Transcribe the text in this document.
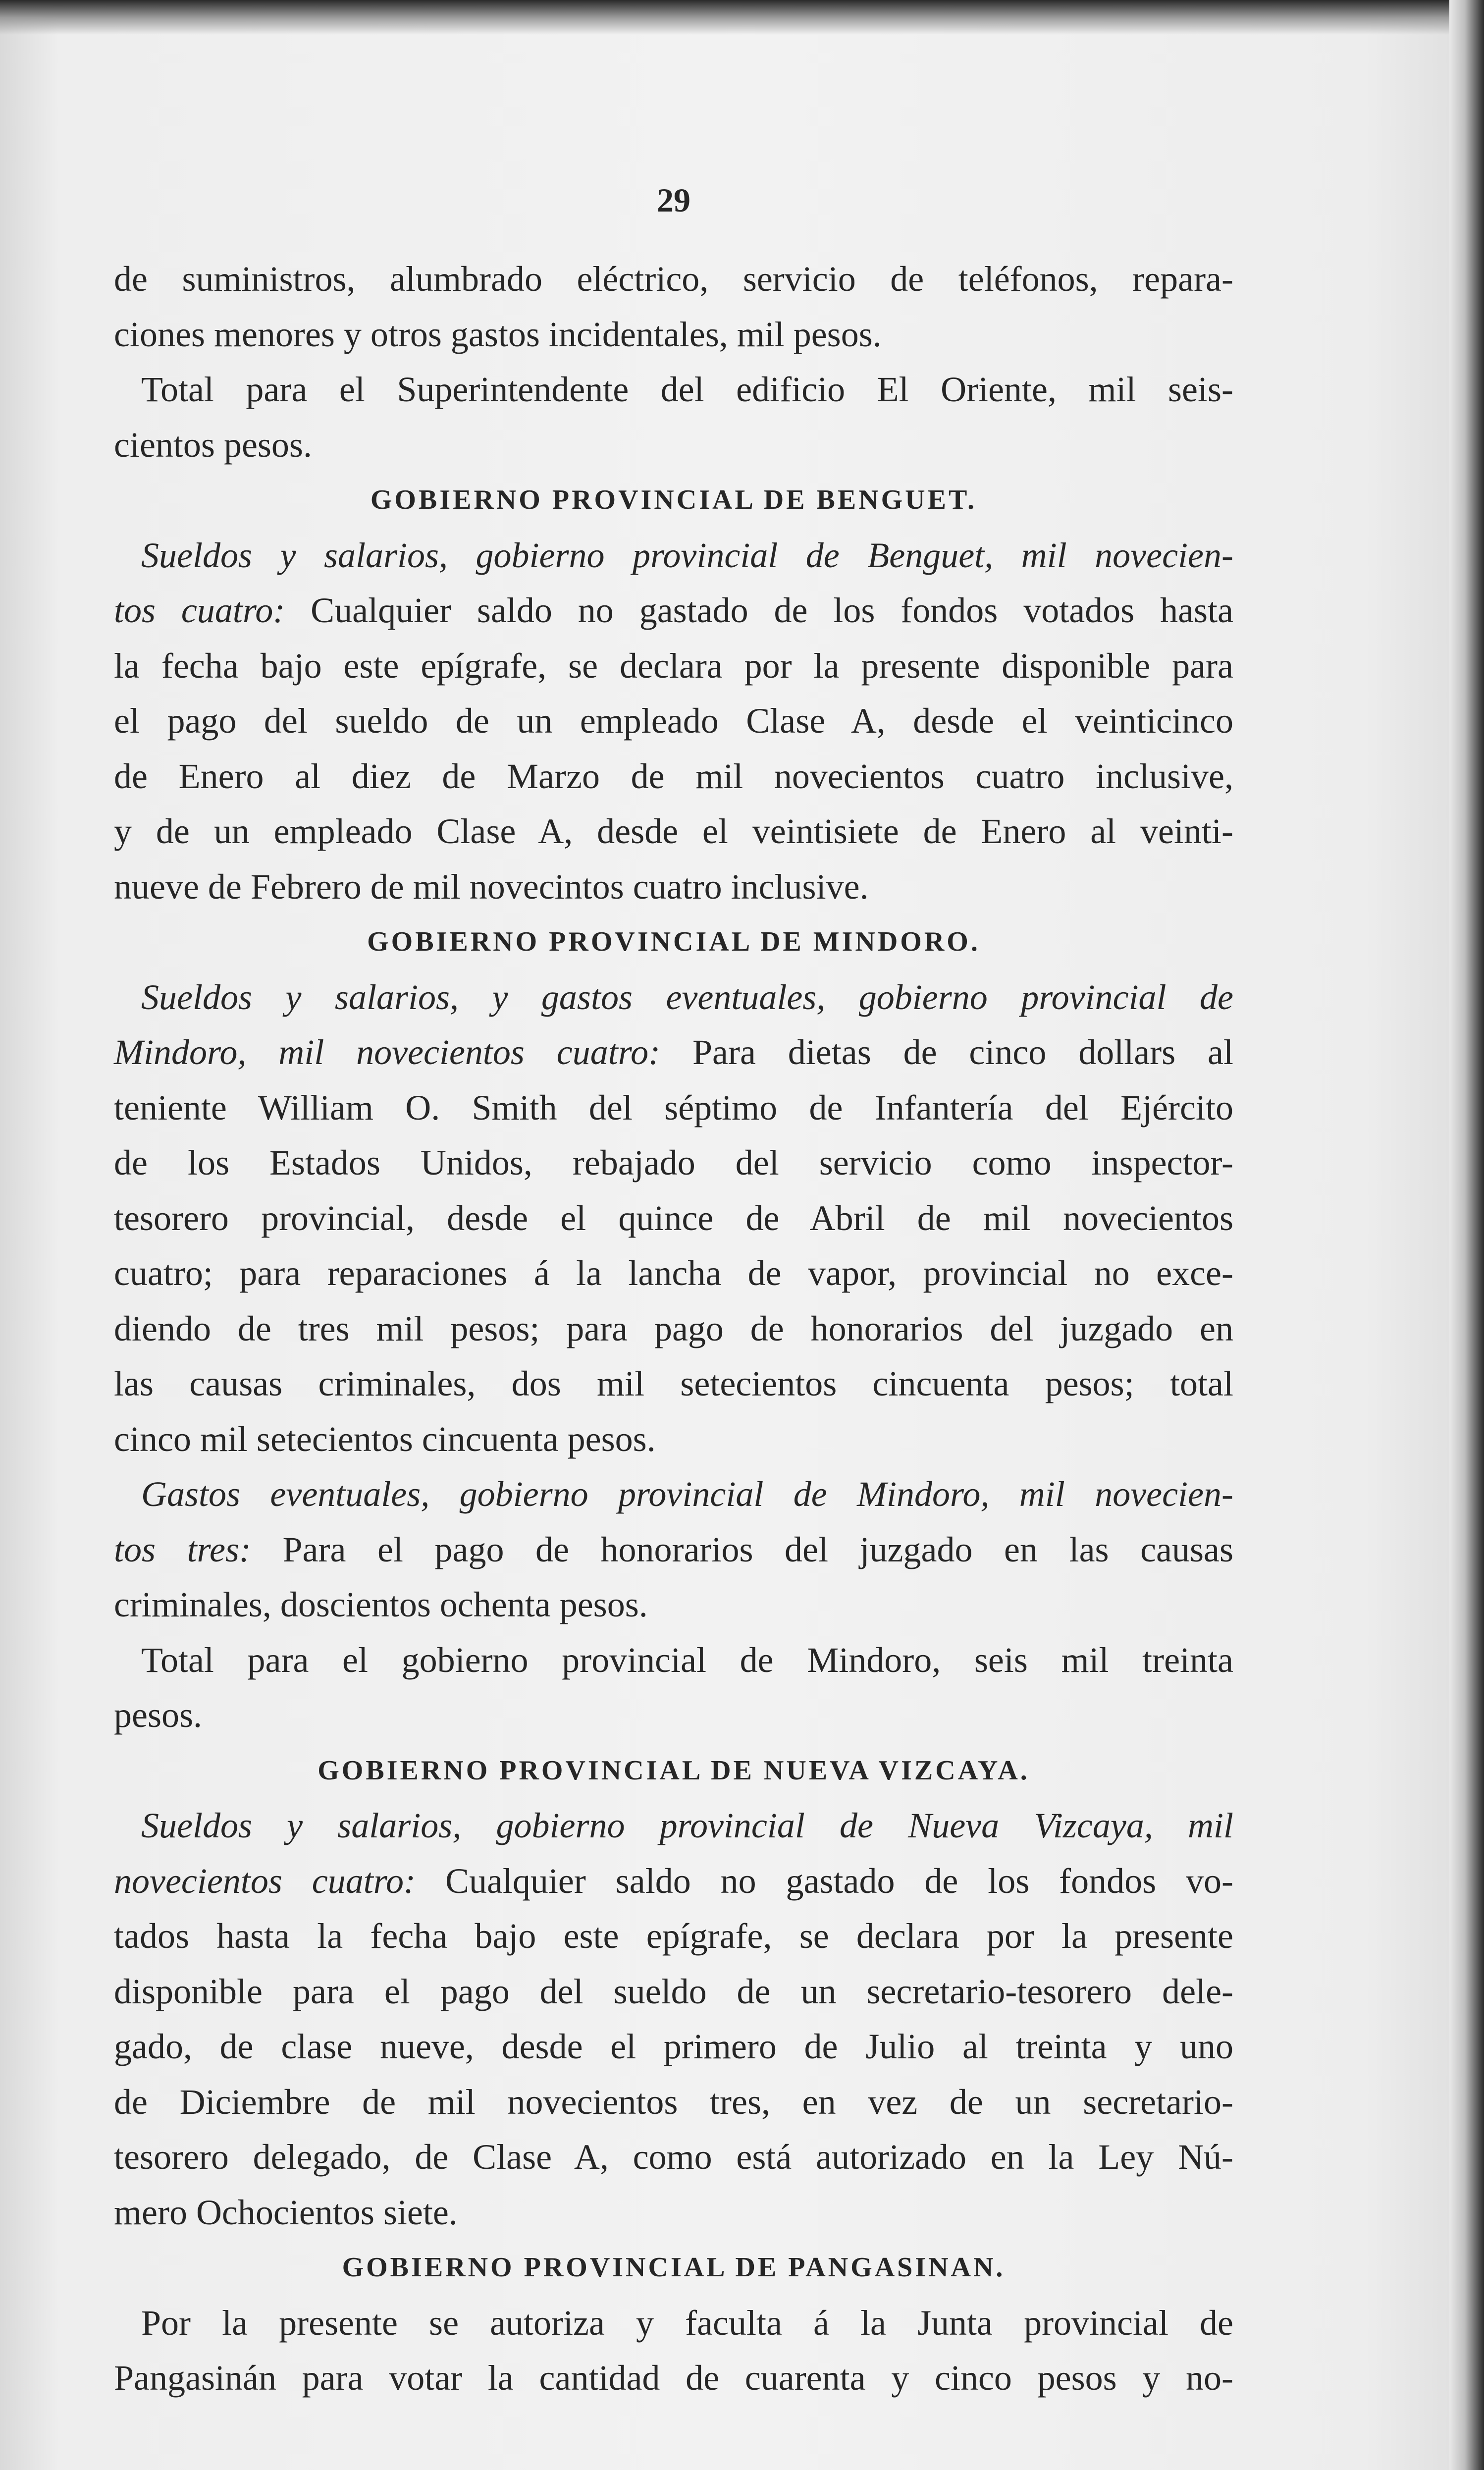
29
de suministros, alumbrado eléctrico, servicio de teléfonos, repara-
ciones menores y otros gastos incidentales, mil pesos.
Total para el Superintendente del edificio El Oriente, mil seis-
cientos pesos.
GOBIERNO PROVINCIAL DE BENGUET.
Sueldos y salarios, gobierno provincial de Benguet, mil novecien-
tos cuatro: Cualquier saldo no gastado de los fondos votados hasta
la fecha bajo este epígrafe, se declara por la presente disponible para
el pago del sueldo de un empleado Clase A, desde el veinticinco
de Enero al diez de Marzo de mil novecientos cuatro inclusive,
y de un empleado Clase A, desde el veintisiete de Enero al veinti-
nueve de Febrero de mil novecintos cuatro inclusive.
GOBIERNO PROVINCIAL DE MINDORO.
Sueldos y salarios, y gastos eventuales, gobierno provincial de
Mindoro, mil novecientos cuatro: Para dietas de cinco dollars al
teniente William O. Smith del séptimo de Infantería del Ejército
de los Estados Unidos, rebajado del servicio como inspector-
tesorero provincial, desde el quince de Abril de mil novecientos
cuatro; para reparaciones á la lancha de vapor, provincial no exce-
diendo de tres mil pesos; para pago de honorarios del juzgado en
las causas criminales, dos mil setecientos cincuenta pesos; total
cinco mil setecientos cincuenta pesos.
Gastos eventuales, gobierno provincial de Mindoro, mil novecien-
tos tres: Para el pago de honorarios del juzgado en las causas
criminales, doscientos ochenta pesos.
Total para el gobierno provincial de Mindoro, seis mil treinta
pesos.
GOBIERNO PROVINCIAL DE NUEVA VIZCAYA.
Sueldos y salarios, gobierno provincial de Nueva Vizcaya, mil
novecientos cuatro: Cualquier saldo no gastado de los fondos vo-
tados hasta la fecha bajo este epígrafe, se declara por la presente
disponible para el pago del sueldo de un secretario-tesorero dele-
gado, de clase nueve, desde el primero de Julio al treinta y uno
de Diciembre de mil novecientos tres, en vez de un secretario-
tesorero delegado, de Clase A, como está autorizado en la Ley Nú-
mero Ochocientos siete.
GOBIERNO PROVINCIAL DE PANGASINAN.
Por la presente se autoriza y faculta á la Junta provincial de
Pangasinán para votar la cantidad de cuarenta y cinco pesos y no-
